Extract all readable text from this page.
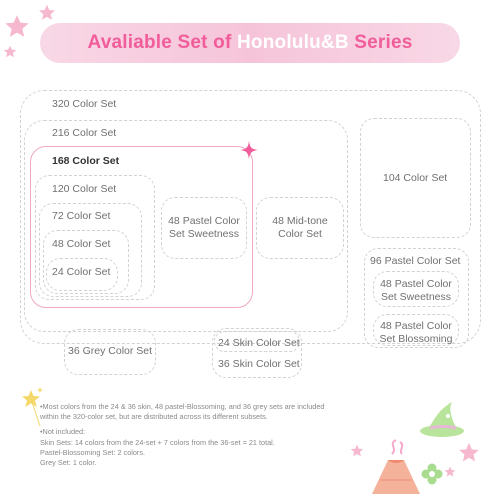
Avaliable Set of Honolulu&B Series
320 Color Set
216 Color Set
168 Color Set
120 Color Set
72 Color Set
48 Color Set
24 Color Set
48 Pastel Color Set Sweetness
48 Mid-tone Color Set
104 Color Set
96 Pastel Color Set
48 Pastel Color Set Sweetness
48 Pastel Color Set Blossoming
36 Grey Color Set
24 Skin Color Set
36 Skin Color Set

•Most colors from the 24 & 36 skin, 48 pastel-Blossoming, and 36 grey sets are included

within the 320-color set, but are distributed across its different subsets.

•Not included:

Skin Sets: 14 colors from the 24-set + 7 colors from the 36-set = 21 total.

Pastel-Blossoming Set: 2 colors.

Grey Set: 1 color.
